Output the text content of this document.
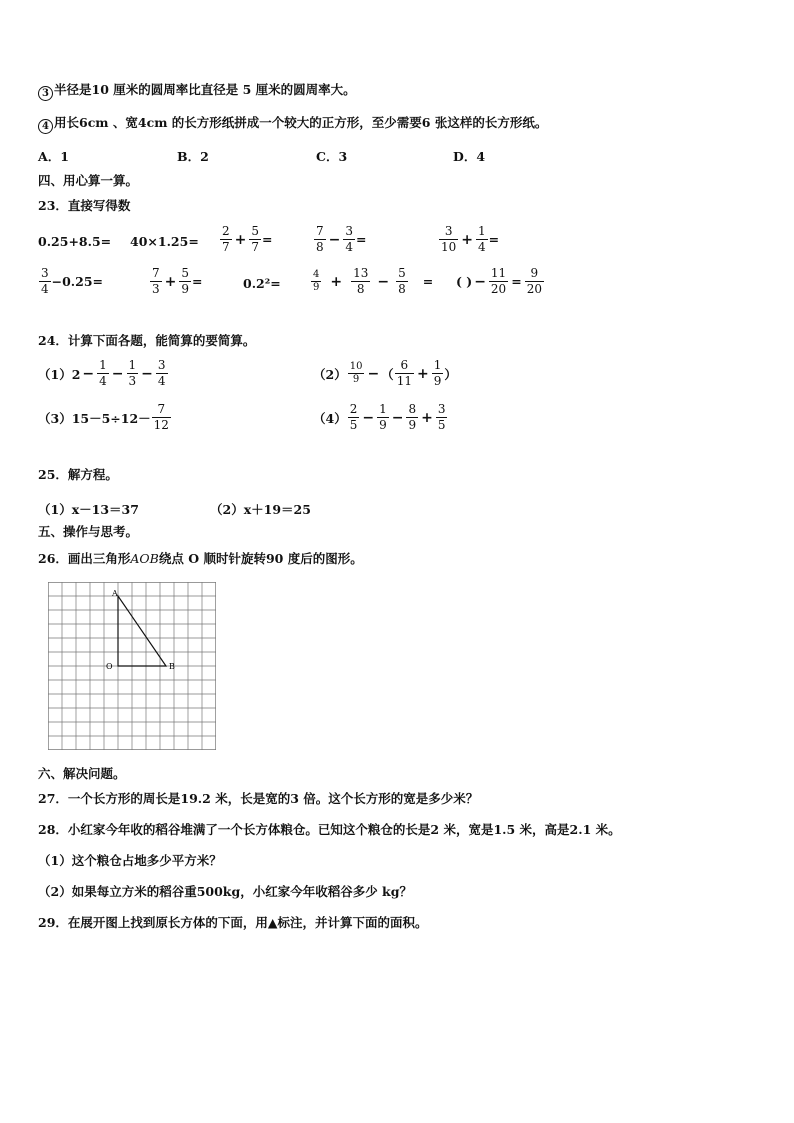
3 半径是10 厘米的圆周率比直径是 5 厘米的圆周率大。
4 用长6cm 、宽4cm 的长方形纸拼成一个较大的正方形，至少需要6 张这样的长方形纸。
A．1	B．2	C．3	D．4
四、用心算一算。
23．直接写得数
$0.25+8.5= 40\times 1.25= \frac{2}{7} + \frac{5}{7}$ =	$\frac{7}{8} - \frac{3}{4}$ =	$\frac{3}{10} + \frac{1}{4}$ =
$\frac{3}{4} -0.25=$	$\frac{7}{3} + \frac{5}{9}$ =	0.2²=	$\frac{4}{9} + \frac{13}{8} - \frac{5}{8}$ = ( ) − $\frac{11}{20} = \frac{9}{20}$
24．计算下面各题，能简算的要简算。
$(1)2 - \frac{1}{4} - \frac{1}{3} - \frac{3}{4}$	$(2) \frac{10}{9}$ − （ $\frac{6}{11} + \frac{1}{9}$ ）
$(3)15-5\div 12- \frac{7}{12}$	$(4) \frac{2}{5} - \frac{1}{9} - \frac{8}{9} + \frac{3}{5}$
25．解方程。
（1）x－13＝37	（2）x＋19＝25
五、操作与思考。
26．画出三角形AOB绕点 O 顺时针旋转90 度后的图形。
A
O	B
六、解决问题。
27．一个长方形的周长是19.2 米，长是宽的3 倍。这个长方形的宽是多少米？
28．小红家今年收的稻谷堆满了一个长方体粮仓。已知这个粮仓的长是2 米，宽是1.5 米，高是2.1 米。
（1）这个粮仓占地多少平方米？
（2）如果每立方米的稻谷重500kg，小红家今年收稻谷多少 kg？
29．在展开图上找到原长方体的下面，用▲标注，并计算下面的面积。
